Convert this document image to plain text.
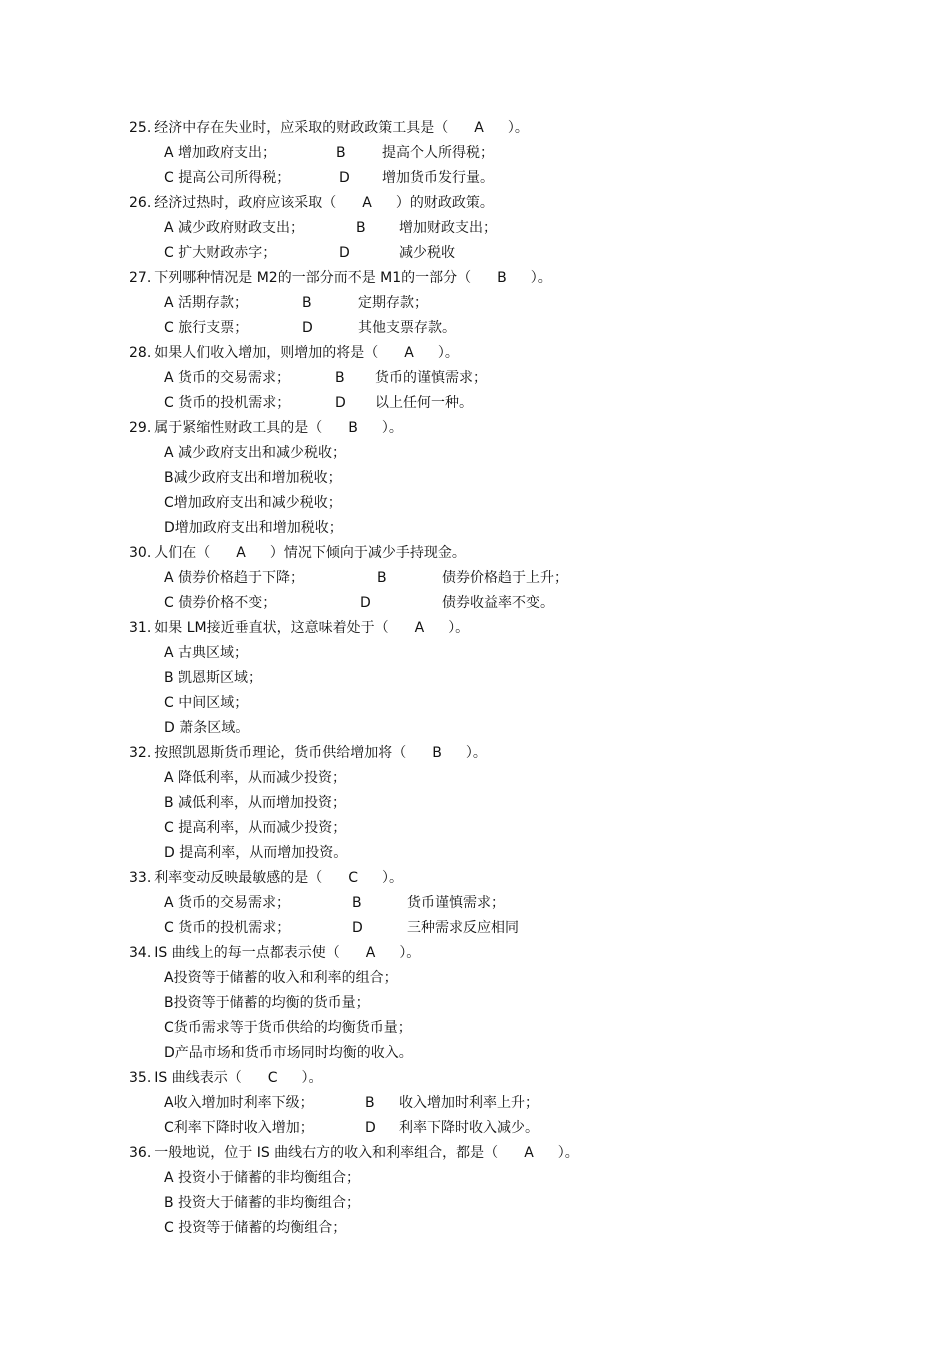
25. 经济中存在失业时，应采取的财政政策工具是（ A ）。
A 增加政府支出；	B	提高个人所得税；
C 提高公司所得税；	D 增加货币发行量。
26. 经济过热时，政府应该采取（ A ）的财政政策。
A 减少政府财政支出；	B 增加财政支出；
C 扩大财政赤字；	D	减少税收
27. 下列哪种情况是 M2的一部分而不是 M1的一部分（ B ）。
A 活期存款；	B	定期存款；
C 旅行支票；	D	其他支票存款。
28. 如果人们收入增加，则增加的将是（ A ）。
A 货币的交易需求；	B 货币的谨慎需求；
C 货币的投机需求；	D 以上任何一种。
29. 属于紧缩性财政工具的是（ B ）。
A 减少政府支出和减少税收；
B减少政府支出和增加税收；
C增加政府支出和减少税收；
D增加政府支出和增加税收；
30. 人们在（ A ）情况下倾向于减少手持现金。
A 债券价格趋于下降；	B	债券价格趋于上升；
C 债券价格不变；	D	债券收益率不变。
31. 如果 LM接近垂直状，这意味着处于（ A ）。
A 古典区域；
B 凯恩斯区域；
C 中间区域；
D 萧条区域。
32. 按照凯恩斯货币理论，货币供给增加将（ B ）。
A 降低利率，从而减少投资；
B 减低利率，从而增加投资；
C 提高利率，从而减少投资；
D 提高利率，从而增加投资。
33. 利率变动反映最敏感的是（ C ）。
A 货币的交易需求；	B	货币谨慎需求；
C 货币的投机需求；	D	三种需求反应相同
34. IS 曲线上的每一点都表示使（ A ）。
A投资等于储蓄的收入和利率的组合；
B投资等于储蓄的均衡的货币量；
C货币需求等于货币供给的均衡货币量；
D产品市场和货币市场同时均衡的收入。
35. IS 曲线表示（ C ）。
A收入增加时利率下级；	B 收入增加时利率上升；
C利率下降时收入增加；	D 利率下降时收入减少。
36. 一般地说，位于 IS 曲线右方的收入和利率组合，都是（ A ）。
A 投资小于储蓄的非均衡组合；
B 投资大于储蓄的非均衡组合；
C 投资等于储蓄的均衡组合；
